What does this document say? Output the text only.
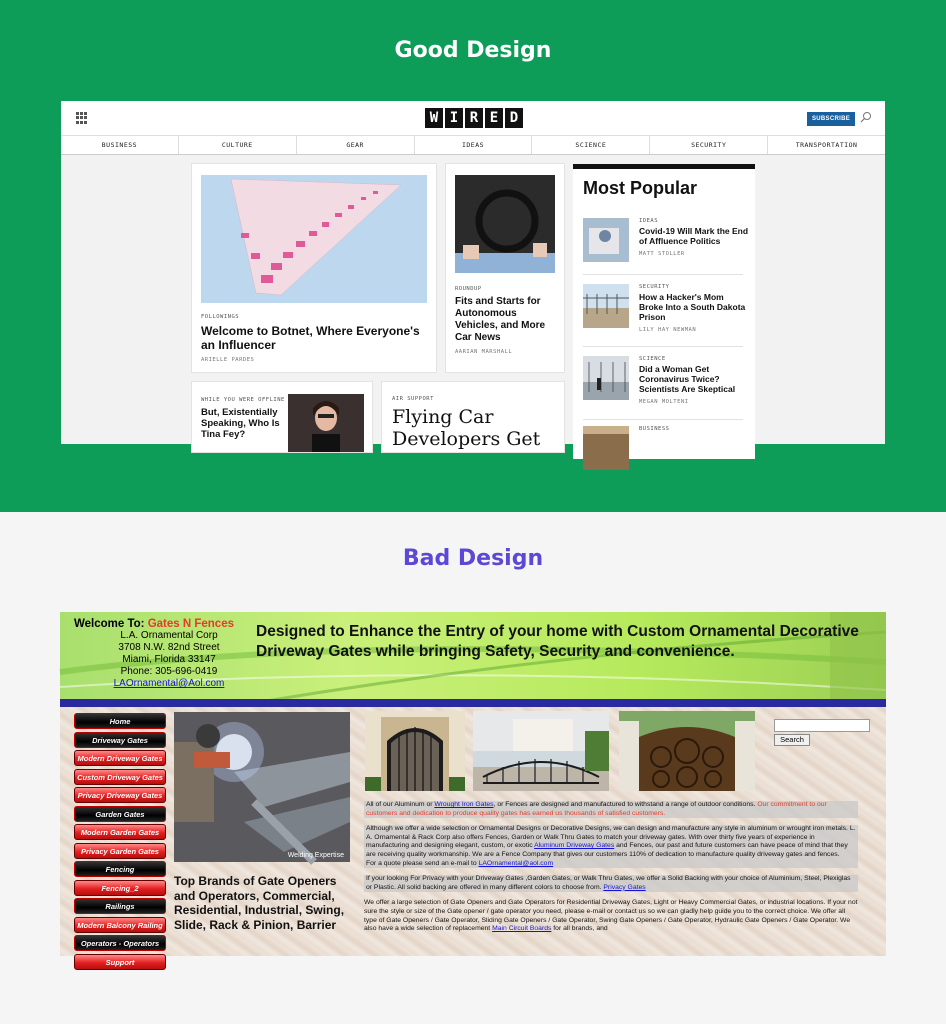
Good Design
W I R E D	SUBSCRIBE
BUSINESS	CULTURE	GEAR	IDEAS	SCIENCE	SECURITY	TRANSPORTATION
FOLLOWINGS
Welcome to Botnet, Where Everyone's an Influencer
ARIELLE PARDES
ROUNDUP
Fits and Starts for Autonomous Vehicles, and More Car News
AARIAN MARSHALL
WHILE YOU WERE OFFLINE
But, Existentially Speaking, Who Is Tina Fey?
AIR SUPPORT
Flying Car Developers Get
Most Popular
IDEAS
Covid-19 Will Mark the End of Affluence Politics
MATT STOLLER
SECURITY
How a Hacker's Mom Broke Into a South Dakota Prison
LILY HAY NEWMAN
SCIENCE
Did a Woman Get Coronavirus Twice? Scientists Are Skeptical
MEGAN MOLTENI
BUSINESS
Bad Design
Welcome To: Gates N Fences
L.A. Ornamental Corp
3708 N.W. 82nd Street
Miami, Florida 33147
Phone: 305-696-0419
LAOrnamental@Aol.com
Designed to Enhance the Entry of your home with Custom Ornamental Decorative Driveway Gates while bringing Safety, Security and convenience.
Home
Driveway Gates
Modern Driveway Gates
Custom Driveway Gates
Privacy Driveway Gates
Garden Gates
Modern Garden Gates
Privacy Garden Gates
Fencing
Fencing_2
Railings
Modern Balcony Railing
Operators - Operators
Support
Welding Expertise
Top Brands of Gate Openers and Operators, Commercial, Residential, Industrial, Swing, Slide, Rack & Pinion, Barrier
Search

All of our Aluminum or Wrought Iron Gates, or Fences are designed and manufactured to withstand a range of outdoor conditions. Our commitment to our customers and dedication to produce quality gates has earned us thousands of satisfied customers.

Although we offer a wide selection or Ornamental Designs or Decorative Designs, we can design and manufacture any style in aluminum or wrought iron metals. L. A. Ornamental & Rack Corp also offers Fences, Garden or Walk Thru Gates to match your driveway gates. With over thirty five years of experience in manufacturing and designing elegant, custom, or exotic Aluminum Driveway Gates and Fences, our past and future customers can have peace of mind that they are receiving quality workmanship. We are a Fence Company that gives our customers 110% of dedication to manufacture quality driveway gates and fences.
For a quote please send an e-mail to LAOrnamental@aol.com

If your looking For Privacy with your Driveway Gates ,Garden Gates, or Walk Thru Gates, we offer a Solid Backing with your choice of Aluminium, Steel, Plexiglas or Plastic. All solid backing are offered in many different colors to choose from. Privacy Gates

We offer a large selection of Gate Openers and Gate Operators for Residential Driveway Gates, Light or Heavy Commercial Gates, or industrial locations. If your not sure the style or size of the Gate opener / gate operator you need, please e-mail or contact us so we can gladly help guide you to the correct choice. We offer all type of Gate Openers / Gate Operator, Sliding Gate Openers / Gate Operator, Swing Gate Openers / Gate Operator, Hydraulic Gate Openers / Gate Operator. We also have a wide selection of replacement Main Circuit Boards for all brands, and
